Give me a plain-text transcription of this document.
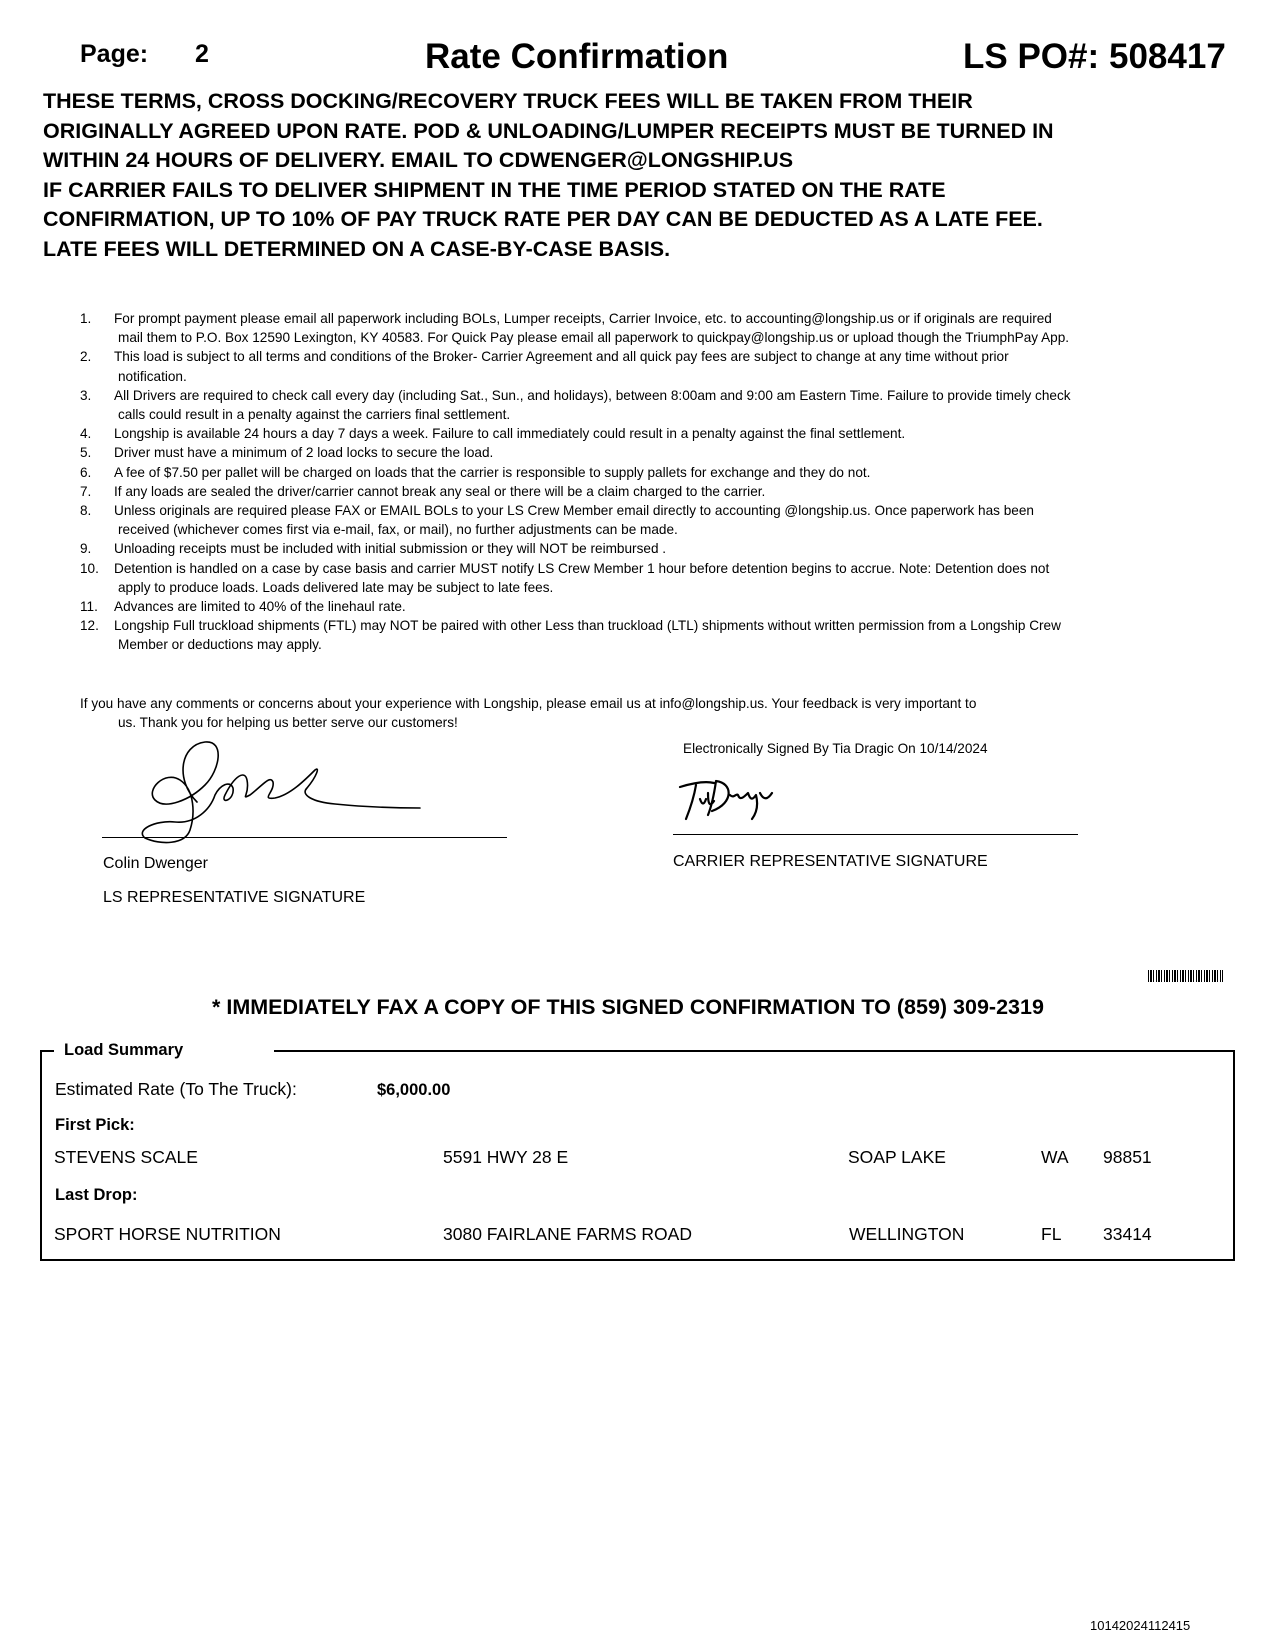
Page: 2	Rate Confirmation	LS PO#: 508417
THESE TERMS, CROSS DOCKING/RECOVERY TRUCK FEES WILL BE TAKEN FROM THEIR
ORIGINALLY AGREED UPON RATE. POD & UNLOADING/LUMPER RECEIPTS MUST BE TURNED IN
WITHIN 24 HOURS OF DELIVERY. EMAIL TO CDWENGER@LONGSHIP.US
IF CARRIER FAILS TO DELIVER SHIPMENT IN THE TIME PERIOD STATED ON THE RATE
CONFIRMATION, UP TO 10% OF PAY TRUCK RATE PER DAY CAN BE DEDUCTED AS A LATE FEE.
LATE FEES WILL DETERMINED ON A CASE-BY-CASE BASIS.
1. For prompt payment please email all paperwork including BOLs, Lumper receipts, Carrier Invoice, etc. to accounting@longship.us or if originals are required mail them to P.O. Box 12590 Lexington, KY 40583. For Quick Pay please email all paperwork to quickpay@longship.us or upload though the TriumphPay App.
2. This load is subject to all terms and conditions of the Broker- Carrier Agreement and all quick pay fees are subject to change at any time without prior notification.
3. All Drivers are required to check call every day (including Sat., Sun., and holidays), between 8:00am and 9:00 am Eastern Time. Failure to provide timely check calls could result in a penalty against the carriers final settlement.
4. Longship is available 24 hours a day 7 days a week. Failure to call immediately could result in a penalty against the final settlement.
5. Driver must have a minimum of 2 load locks to secure the load.
6. A fee of $7.50 per pallet will be charged on loads that the carrier is responsible to supply pallets for exchange and they do not.
7. If any loads are sealed the driver/carrier cannot break any seal or there will be a claim charged to the carrier.
8. Unless originals are required please FAX or EMAIL BOLs to your LS Crew Member email directly to accounting @longship.us. Once paperwork has been received (whichever comes first via e-mail, fax, or mail), no further adjustments can be made.
9. Unloading receipts must be included with initial submission or they will NOT be reimbursed .
10. Detention is handled on a case by case basis and carrier MUST notify LS Crew Member 1 hour before detention begins to accrue. Note: Detention does not apply to produce loads. Loads delivered late may be subject to late fees.
11. Advances are limited to 40% of the linehaul rate.
12. Longship Full truckload shipments (FTL) may NOT be paired with other Less than truckload (LTL) shipments without written permission from a Longship Crew Member or deductions may apply.
If you have any comments or concerns about your experience with Longship, please email us at info@longship.us. Your feedback is very important to
us. Thank you for helping us better serve our customers!
Electronically Signed By Tia Dragic On 10/14/2024
Colin Dwenger
LS REPRESENTATIVE SIGNATURE
CARRIER REPRESENTATIVE SIGNATURE
* IMMEDIATELY FAX A COPY OF THIS SIGNED CONFIRMATION TO (859) 309-2319
Load Summary
Estimated Rate (To The Truck):	$6,000.00
First Pick:
STEVENS SCALE	5591 HWY 28 E	SOAP LAKE	WA 98851
Last Drop:
SPORT HORSE NUTRITION	3080 FAIRLANE FARMS ROAD	WELLINGTON	FL 33414
10142024112415
